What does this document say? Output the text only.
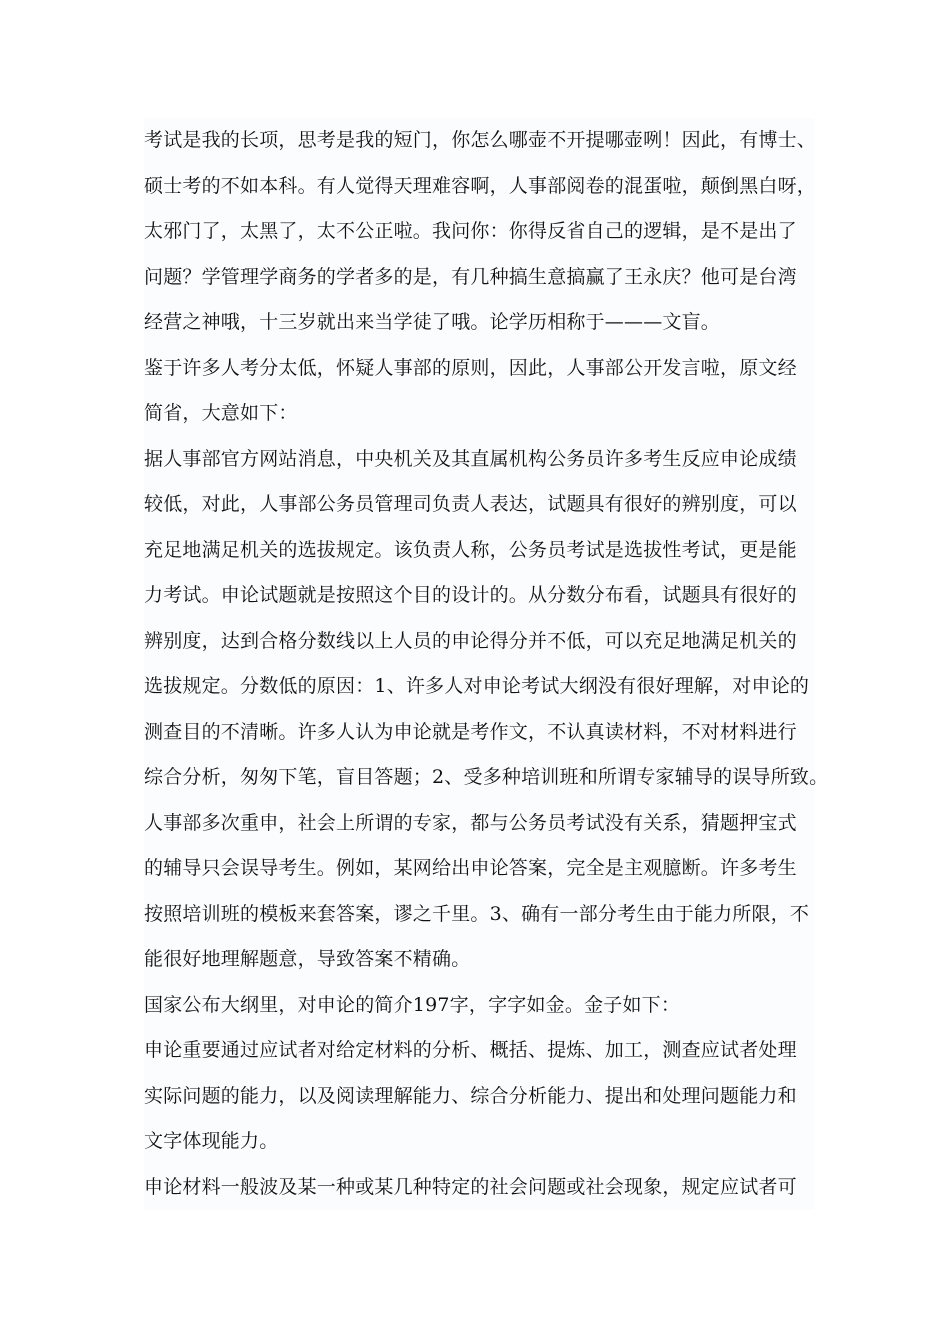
考试是我的长项，思考是我的短门，你怎么哪壶不开提哪壶咧！因此，有博士、
硕士考的不如本科。有人觉得天理难容啊，人事部阅卷的混蛋啦，颠倒黑白呀，
太邪门了，太黑了，太不公正啦。我问你：你得反省自己的逻辑，是不是出了
问题？学管理学商务的学者多的是，有几种搞生意搞赢了王永庆？他可是台湾
经营之神哦，十三岁就出来当学徒了哦。论学历相称于———文盲。
鉴于许多人考分太低，怀疑人事部的原则，因此，人事部公开发言啦，原文经
简省，大意如下：
据人事部官方网站消息，中央机关及其直属机构公务员许多考生反应申论成绩
较低，对此，人事部公务员管理司负责人表达，试题具有很好的辨别度，可以
充足地满足机关的选拔规定。该负责人称，公务员考试是选拔性考试，更是能
力考试。申论试题就是按照这个目的设计的。从分数分布看，试题具有很好的
辨别度，达到合格分数线以上人员的申论得分并不低，可以充足地满足机关的
选拔规定。分数低的原因：1、许多人对申论考试大纲没有很好理解，对申论的
测查目的不清晰。许多人认为申论就是考作文，不认真读材料，不对材料进行
综合分析，匆匆下笔，盲目答题；2、受多种培训班和所谓专家辅导的误导所致。
人事部多次重申，社会上所谓的专家，都与公务员考试没有关系，猜题押宝式
的辅导只会误导考生。例如，某网给出申论答案，完全是主观臆断。许多考生
按照培训班的模板来套答案，谬之千里。3、确有一部分考生由于能力所限，不
能很好地理解题意，导致答案不精确。
国家公布大纲里，对申论的简介197字，字字如金。金子如下：
申论重要通过应试者对给定材料的分析、概括、提炼、加工，测查应试者处理
实际问题的能力，以及阅读理解能力、综合分析能力、提出和处理问题能力和
文字体现能力。
申论材料一般波及某一种或某几种特定的社会问题或社会现象，规定应试者可
